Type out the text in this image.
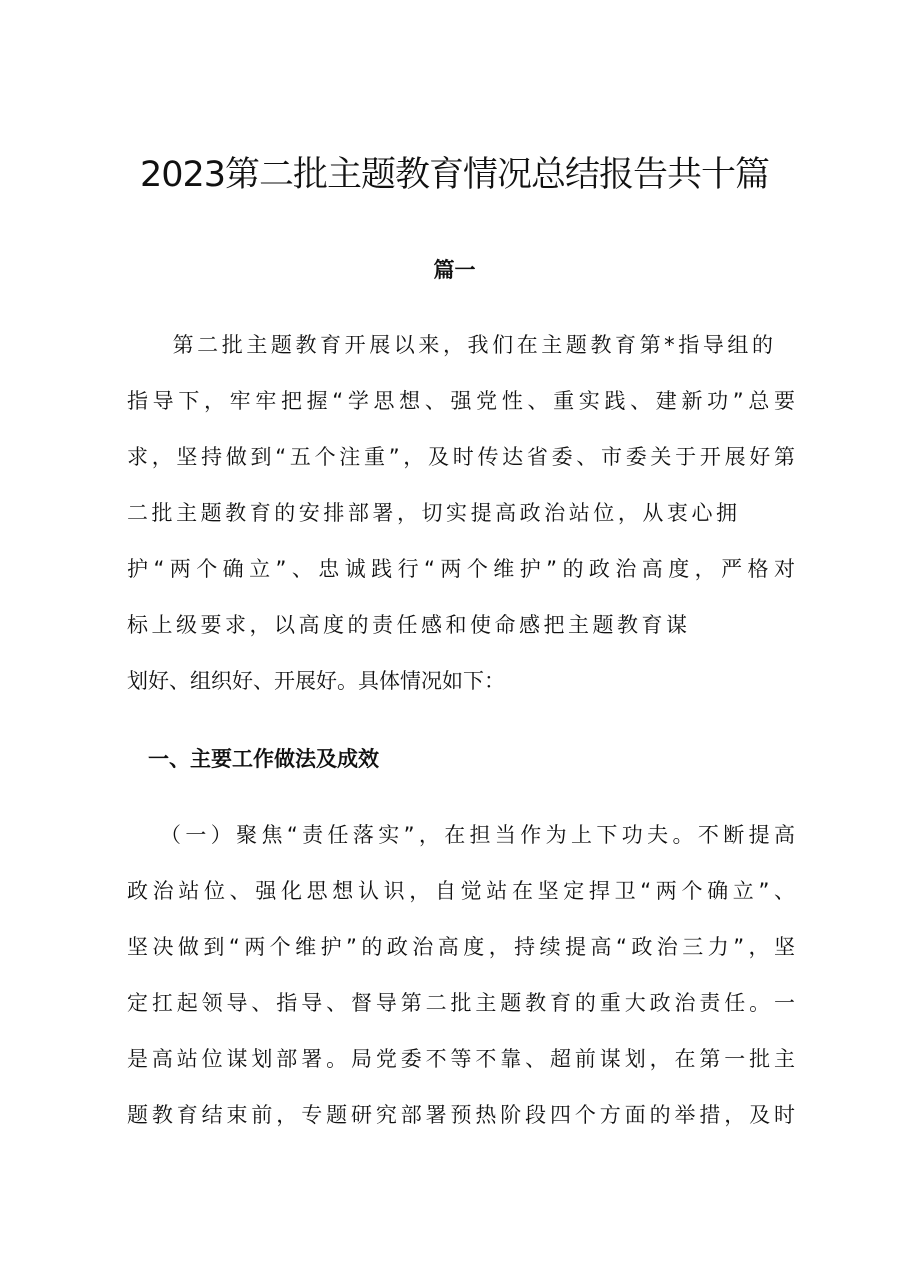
2023第二批主题教育情况总结报告共十篇
篇一
　第二批主题教育开展以来，我们在主题教育第*指导组的
指导下，牢牢把握“学思想、强党性、重实践、建新功”总要
求，坚持做到“五个注重”，及时传达省委、市委关于开展好第
二批主题教育的安排部署，切实提高政治站位，从衷心拥
护“两个确立”、忠诚践行“两个维护”的政治高度，严格对
标上级要求，以高度的责任感和使命感把主题教育谋
划好、组织好、开展好。具体情况如下：
一、主要工作做法及成效
（一）聚焦“责任落实”，在担当作为上下功夫。不断提高
政治站位、强化思想认识，自觉站在坚定捍卫“两个确立”、
坚决做到“两个维护”的政治高度，持续提高“政治三力”，坚
定扛起领导、指导、督导第二批主题教育的重大政治责任。一
是高站位谋划部署。局党委不等不靠、超前谋划，在第一批主
题教育结束前，专题研究部署预热阶段四个方面的举措，及时
